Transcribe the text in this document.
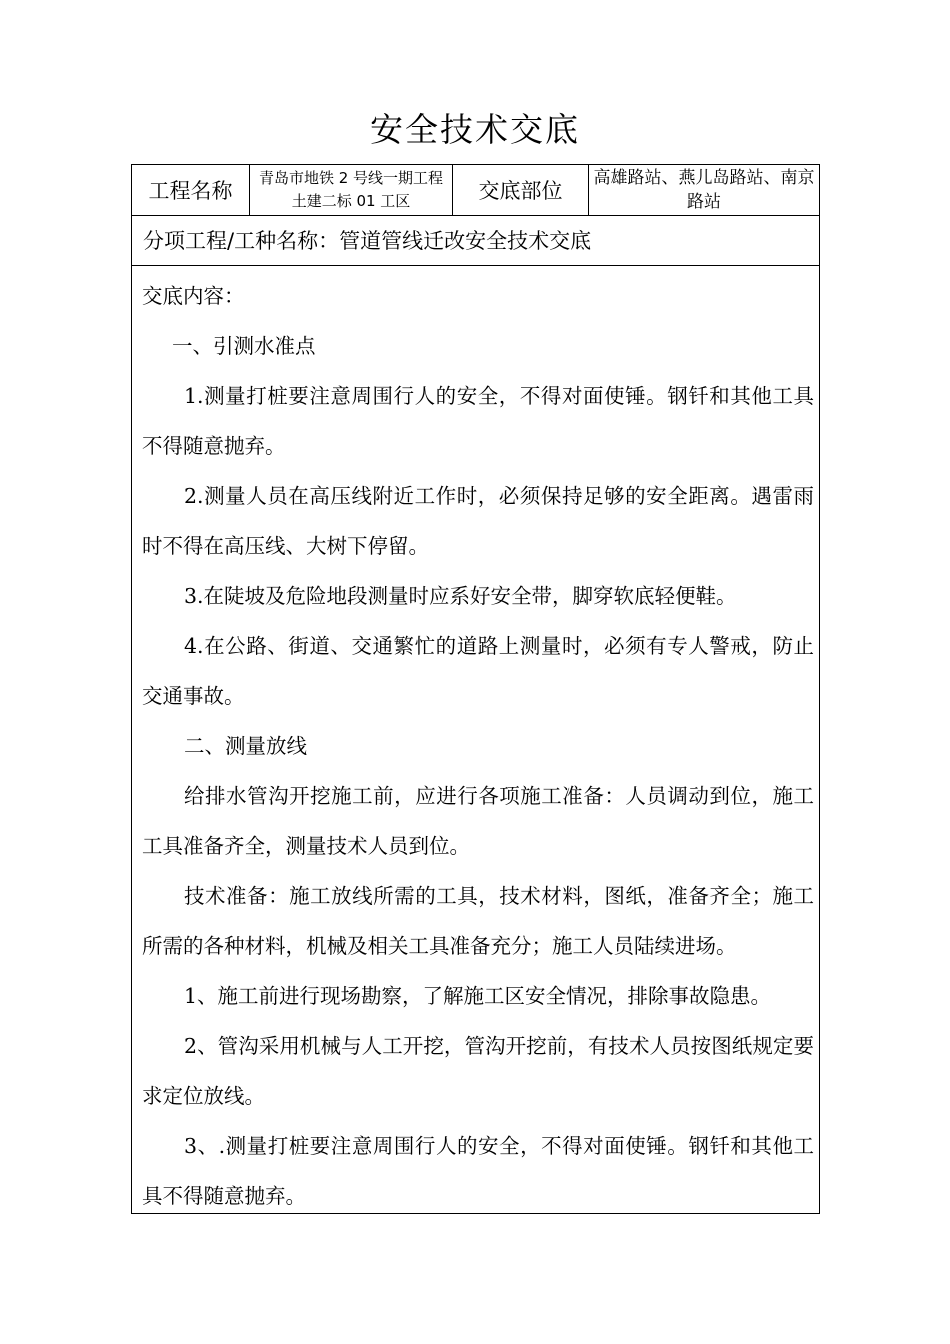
安全技术交底
工程名称
青岛市地铁 2 号线一期工程土建二标 01 工区	交底部位
高雄路站、燕儿岛路站、南京路站
分项工程/工种名称：管道管线迁改安全技术交底

交底内容：

一、引测水准点

1.测量打桩要注意周围行人的安全，不得对面使锤。钢钎和其他工具不得随意抛弃。

2.测量人员在高压线附近工作时，必须保持足够的安全距离。遇雷雨时不得在高压线、大树下停留。

3.在陡坡及危险地段测量时应系好安全带，脚穿软底轻便鞋。

4.在公路、街道、交通繁忙的道路上测量时，必须有专人警戒，防止交通事故。

二、测量放线

给排水管沟开挖施工前，应进行各项施工准备：人员调动到位，施工工具准备齐全，测量技术人员到位。

技术准备：施工放线所需的工具，技术材料，图纸，准备齐全；施工所需的各种材料，机械及相关工具准备充分；施工人员陆续进场。

1、施工前进行现场勘察，了解施工区安全情况，排除事故隐患。

2、管沟采用机械与人工开挖，管沟开挖前，有技术人员按图纸规定要求定位放线。

3、.测量打桩要注意周围行人的安全，不得对面使锤。钢钎和其他工具不得随意抛弃。
